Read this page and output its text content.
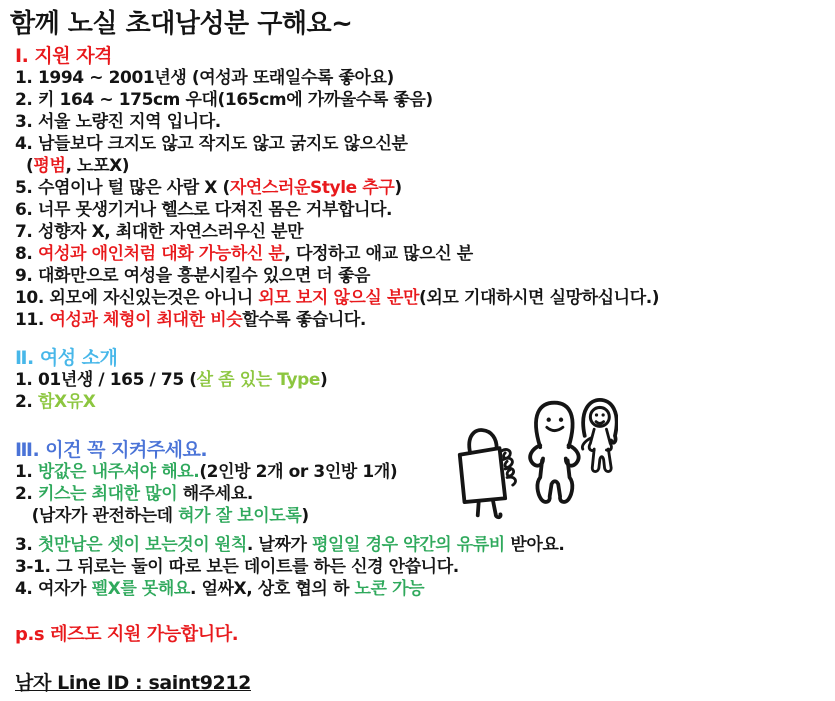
함께 노실 초대남성분 구해요~
Ⅰ. 지원 자격
1. 1994 ~ 2001년생 (여성과 또래일수록 좋아요)
2. 키 164 ~ 175cm 우대(165cm에 가까울수록 좋음)
3. 서울 노량진 지역 입니다.
4. 남들보다 크지도 않고 작지도 않고 굵지도 않으신분
(평범, 노포X)
5. 수염이나 털 많은 사람 X (자연스러운Style 추구)
6. 너무 못생기거나 헬스로 다져진 몸은 거부합니다.
7. 성향자 X, 최대한 자연스러우신 분만
8. 여성과 애인처럼 대화 가능하신 분, 다정하고 애교 많으신 분
9. 대화만으로 여성을 흥분시킬수 있으면 더 좋음
10. 외모에 자신있는것은 아니니 외모 보지 않으실 분만(외모 기대하시면 실망하십니다.)
11. 여성과 체형이 최대한 비슷할수록 좋습니다.
Ⅱ. 여성 소개
1. 01년생 / 165 / 75 (살 좀 있는 Type)
2. 함X유X
Ⅲ. 이건 꼭 지켜주세요.
1. 방값은 내주셔야 해요.(2인방 2개 or 3인방 1개)
2. 키스는 최대한 많이 해주세요.
(남자가 관전하는데 혀가 잘 보이도록)
3. 첫만남은 셋이 보는것이 원칙. 날짜가 평일일 경우 약간의 유류비 받아요.
3-1. 그 뒤로는 둘이 따로 보든 데이트를 하든 신경 안씁니다.
4. 여자가 펠X를 못해요. 얼싸X, 상호 협의 하 노콘 가능

p.s 레즈도 지원 가능합니다.

남자 Line ID : saint9212
